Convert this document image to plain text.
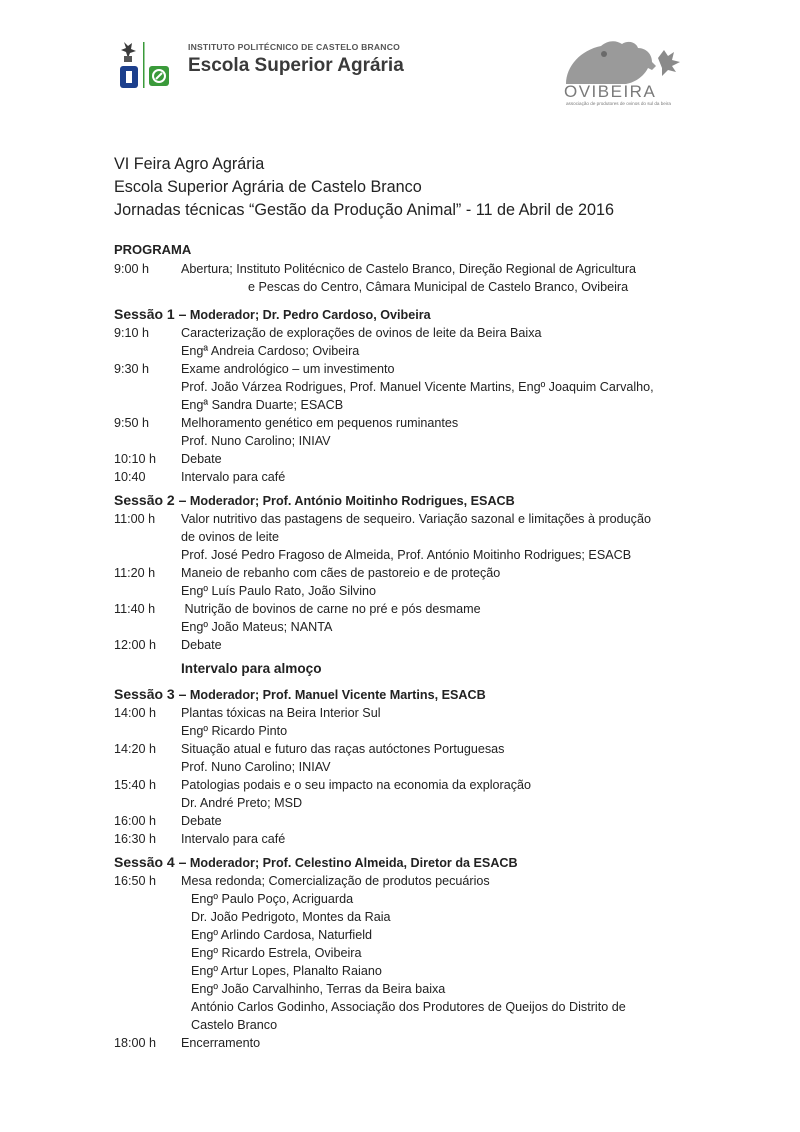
INSTITUTO POLITÉCNICO DE CASTELO BRANCO
Escola Superior Agrária
OVIBEIRA
associação de produtores de ovinos do sul da beira
VI Feira Agro Agrária
Escola Superior Agrária de Castelo Branco
Jornadas técnicas “Gestão da Produção Animal” - 11 de Abril de 2016
PROGRAMA
9:00 h	Abertura; Instituto Politécnico de Castelo Branco, Direção Regional de Agricultura
e Pescas do Centro, Câmara Municipal de Castelo Branco, Ovibeira
Sessão 1 – Moderador; Dr. Pedro Cardoso, Ovibeira
9:10 h	Caracterização de explorações de ovinos de leite da Beira Baixa
Engª Andreia Cardoso; Ovibeira
9:30 h	Exame andrológico – um investimento
Prof. João Várzea Rodrigues, Prof. Manuel Vicente Martins, Engº Joaquim Carvalho,
Engª Sandra Duarte; ESACB
9:50 h	Melhoramento genético em pequenos ruminantes
Prof. Nuno Carolino; INIAV
10:10 h	Debate
10:40	Intervalo para café
Sessão 2 – Moderador; Prof. António Moitinho Rodrigues, ESACB
11:00 h	Valor nutritivo das pastagens de sequeiro. Variação sazonal e limitações à produção
de ovinos de leite
Prof. José Pedro Fragoso de Almeida, Prof. António Moitinho Rodrigues; ESACB
11:20 h	Maneio de rebanho com cães de pastoreio e de proteção
Engº Luís Paulo Rato, João Silvino
11:40 h	Nutrição de bovinos de carne no pré e pós desmame
Engº João Mateus; NANTA
12:00 h	Debate
Intervalo para almoço
Sessão 3 – Moderador; Prof. Manuel Vicente Martins, ESACB
14:00 h	Plantas tóxicas na Beira Interior Sul
Engº Ricardo Pinto
14:20 h	Situação atual e futuro das raças autóctones Portuguesas
Prof. Nuno Carolino; INIAV
15:40 h	Patologias podais e o seu impacto na economia da exploração
Dr. André Preto; MSD
16:00 h	Debate
16:30 h	Intervalo para café
Sessão 4 – Moderador; Prof. Celestino Almeida, Diretor da ESACB
16:50 h	Mesa redonda; Comercialização de produtos pecuários
Engº Paulo Poço, Acriguarda
Dr. João Pedrigoto, Montes da Raia
Engº Arlindo Cardosa, Naturfield
Engº Ricardo Estrela, Ovibeira
Engº Artur Lopes, Planalto Raiano
Engº João Carvalhinho, Terras da Beira baixa
António Carlos Godinho, Associação dos Produtores de Queijos do Distrito de
Castelo Branco
18:00 h	Encerramento
